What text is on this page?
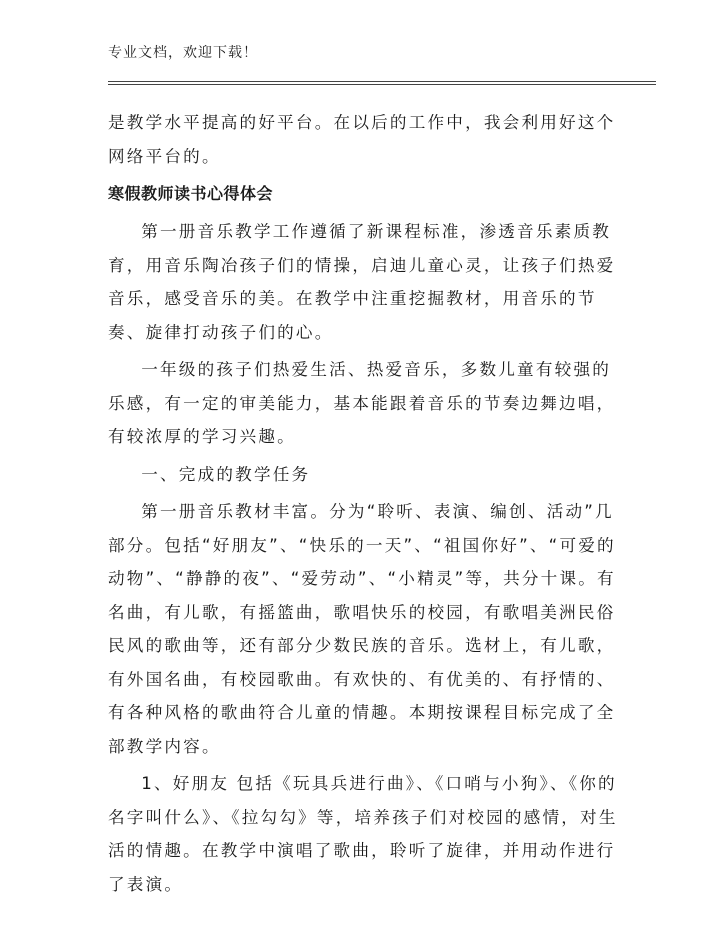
专业文档，欢迎下载！

是教学水平提高的好平台。在以后的工作中，我会利用好这个网络平台的。

寒假教师读书心得体会

第一册音乐教学工作遵循了新课程标准，渗透音乐素质教育，用音乐陶冶孩子们的情操，启迪儿童心灵，让孩子们热爱音乐，感受音乐的美。在教学中注重挖掘教材，用音乐的节奏、旋律打动孩子们的心。

一年级的孩子们热爱生活、热爱音乐，多数儿童有较强的乐感，有一定的审美能力，基本能跟着音乐的节奏边舞边唱，有较浓厚的学习兴趣。

一、完成的教学任务

第一册音乐教材丰富。分为“聆听、表演、编创、活动”几部分。包括“好朋友”、“快乐的一天”、“祖国你好”、“可爱的动物”、“静静的夜”、“爱劳动”、“小精灵”等，共分十课。有名曲，有儿歌，有摇篮曲，歌唱快乐的校园，有歌唱美洲民俗民风的歌曲等，还有部分少数民族的音乐。选材上，有儿歌，有外国名曲，有校园歌曲。有欢快的、有优美的、有抒情的、有各种风格的歌曲符合儿童的情趣。本期按课程目标完成了全部教学内容。

1、好朋友 包括《玩具兵进行曲》、《口哨与小狗》、《你的名字叫什么》、《拉勾勾》等，培养孩子们对校园的感情，对生活的情趣。在教学中演唱了歌曲，聆听了旋律，并用动作进行了表演。
